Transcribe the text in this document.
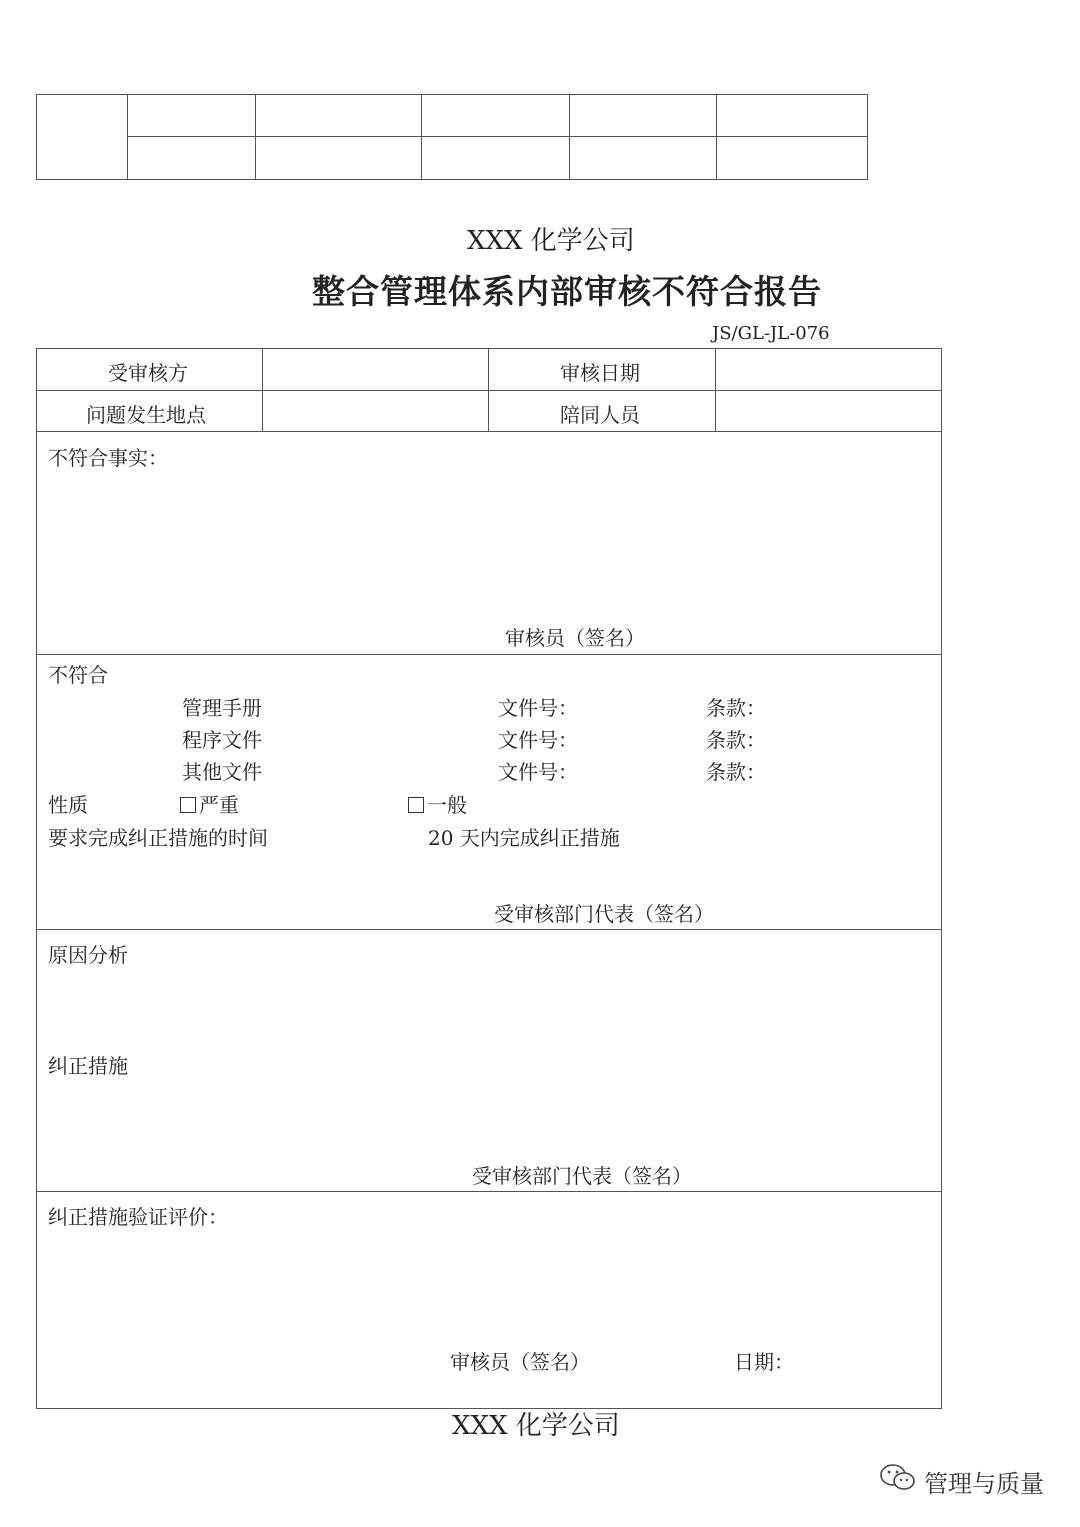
XXX 化学公司
整合管理体系内部审核不符合报告
JS/GL-JL-076
受审核方	审核日期
问题发生地点	陪同人员
不符合事实：
审核员（签名）
不符合
管理手册	文件号：	条款：
程序文件	文件号：	条款：
其他文件	文件号：	条款：
性质	严重	一般
要求完成纠正措施的时间	20 天内完成纠正措施
受审核部门代表（签名）
原因分析
纠正措施
受审核部门代表（签名）
纠正措施验证评价：
审核员（签名）	日期：
XXX 化学公司
管理与质量
